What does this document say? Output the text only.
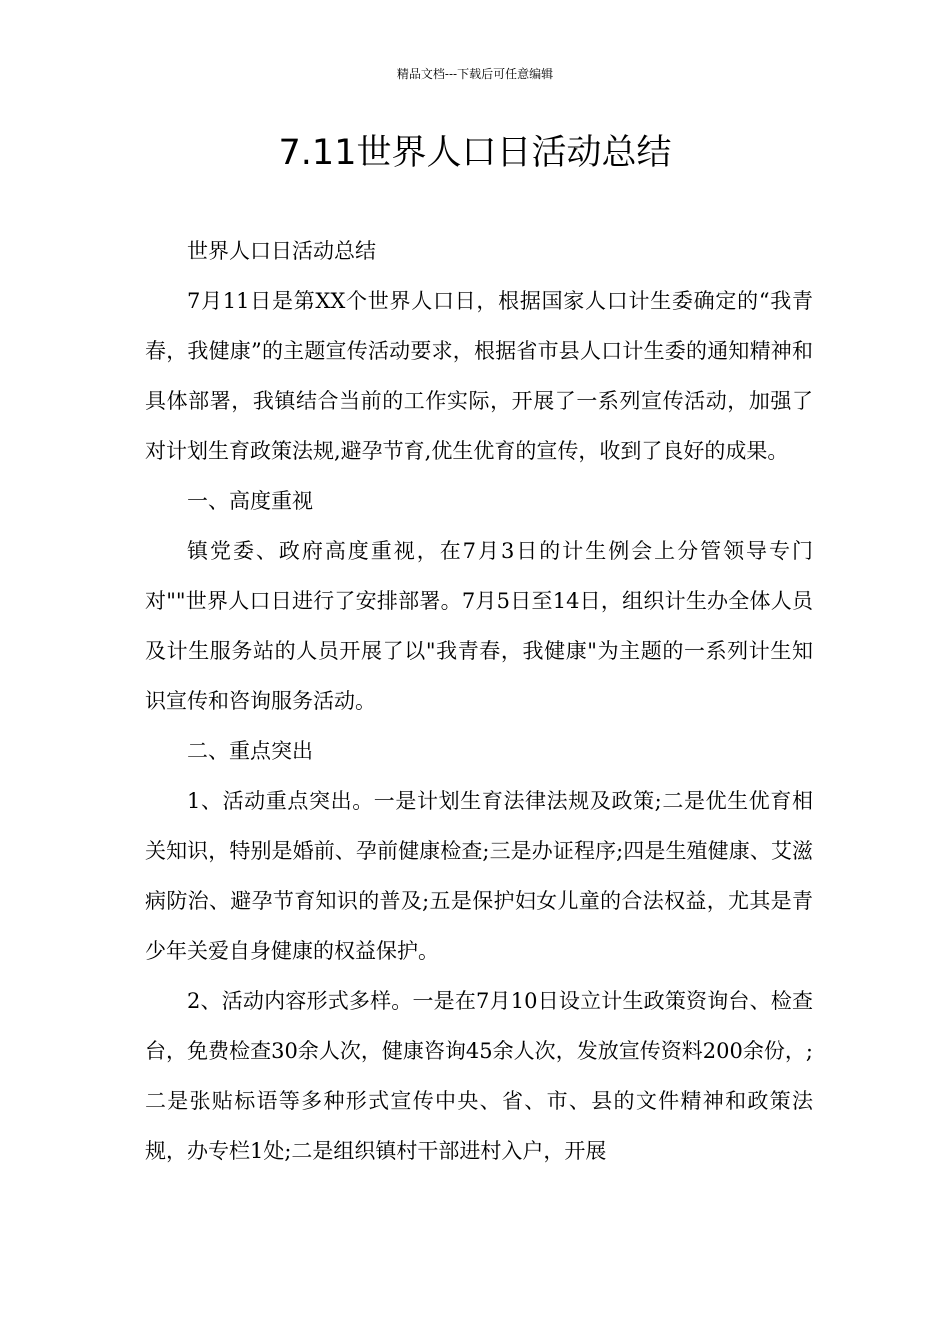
精品文档---下载后可任意编辑
7.11世界人口日活动总结

世界人口日活动总结

7月11日是第XX个世界人口日，根据国家人口计生委确定的“我青春，我健康”的主题宣传活动要求，根据省市县人口计生委的通知精神和具体部署，我镇结合当前的工作实际，开展了一系列宣传活动，加强了对计划生育政策法规,避孕节育,优生优育的宣传，收到了良好的成果。

一、高度重视

镇党委、政府高度重视，在7月3日的计生例会上分管领导专门对""世界人口日进行了安排部署。7月5日至14日，组织计生办全体人员及计生服务站的人员开展了以"我青春，我健康"为主题的一系列计生知识宣传和咨询服务活动。

二、重点突出

1、活动重点突出。一是计划生育法律法规及政策;二是优生优育相关知识，特别是婚前、孕前健康检查;三是办证程序;四是生殖健康、艾滋病防治、避孕节育知识的普及;五是保护妇女儿童的合法权益，尤其是青少年关爱自身健康的权益保护。

2、活动内容形式多样。一是在7月10日设立计生政策资询台、检查台，免费检查30余人次，健康咨询45余人次，发放宣传资料200余份，;二是张贴标语等多种形式宣传中央、省、市、县的文件精神和政策法规，办专栏1处;二是组织镇村干部进村入户，开展
